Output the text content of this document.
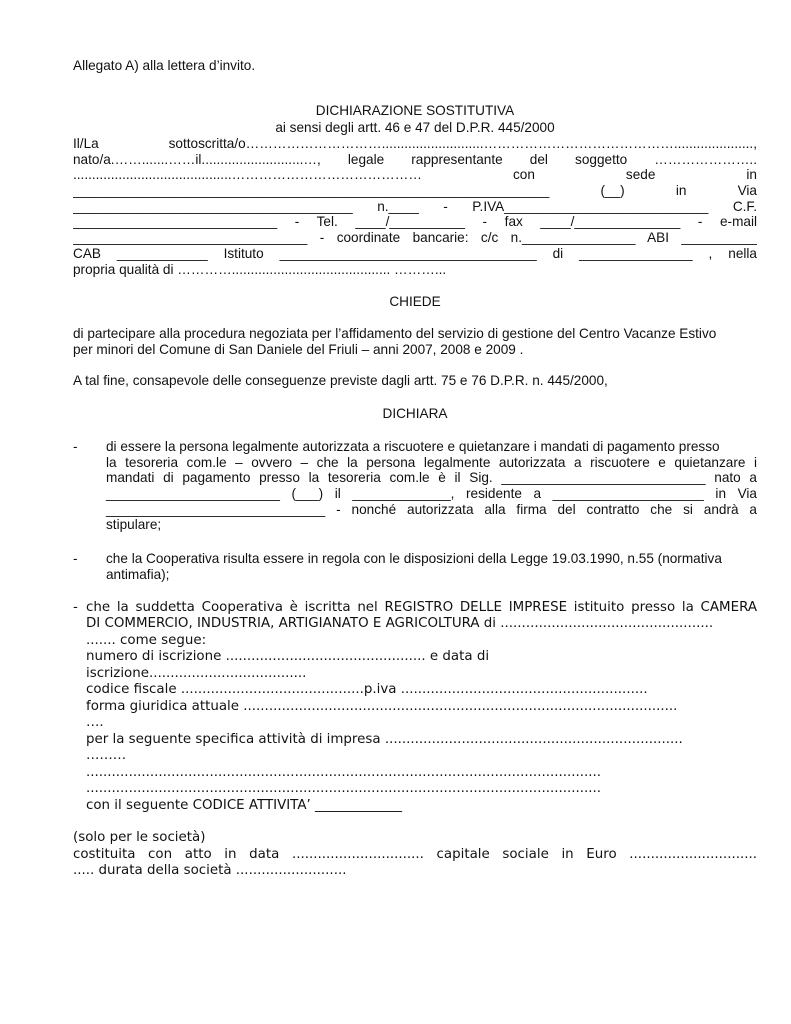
Allegato A) alla lettera d’invito.
DICHIARAZIONE SOSTITUTIVA
ai sensi degli artt. 46 e 47 del D.P.R. 445/2000
Il/La sottoscritta/o…………………………...........................…………………………………….....................,
nato/a.…….......……il...........................…, legale rappresentante del soggetto …………………..
..........................................…………………………………… con sede in
_______________________________________________________________ (__) in Via
_____________________________________ n.____ - P.IVA___________________________ C.F.
___________________________ - Tel. ____/__________ - fax ____/______________ - e-mail
_______________________________ - coordinate bancarie: c/c n._______________ ABI __________
CAB ____________ Istituto __________________________________ di _______________ , nella
propria qualità di ………….......................................... ………...
CHIEDE
di partecipare alla procedura negoziata per l’affidamento del servizio di gestione del Centro Vacanze Estivo
per minori del Comune di San Daniele del Friuli – anni 2007, 2008 e 2009 .
A tal fine, consapevole delle conseguenze previste dagli artt. 75 e 76 D.P.R. n. 445/2000,
DICHIARA
- di essere la persona legalmente autorizzata a riscuotere e quietanzare i mandati di pagamento presso
la tesoreria com.le – ovvero – che la persona legalmente autorizzata a riscuotere e quietanzare i
mandati di pagamento presso la tesoreria com.le è il Sig. ___________________________ nato a
_______________________ (___) il _____________, residente a ____________________ in Via
_____________________________ - nonché autorizzata alla firma del contratto che si andrà a
stipulare;
- che la Cooperativa risulta essere in regola con le disposizioni della Legge 19.03.1990, n.55 (normativa
antimafia);
- che la suddetta Cooperativa è iscritta nel REGISTRO DELLE IMPRESE istituito presso la CAMERA
DI COMMERCIO, INDUSTRIA, ARTIGIANATO E AGRICOLTURA di ..................................................
....... come segue:
numero di iscrizione ............................................... e data di
iscrizione.....................................
codice fiscale ...........................................p.iva ..........................................................
forma giuridica attuale ......................................................................................................
….
per la seguente specifica attività di impresa ......................................................................
………
.........................................................................................................................
.........................................................................................................................
con il seguente CODICE ATTIVITA’ _____________
(solo per le società)
costituita con atto in data ............................... capitale sociale in Euro ..............................
..... durata della società ..........................
